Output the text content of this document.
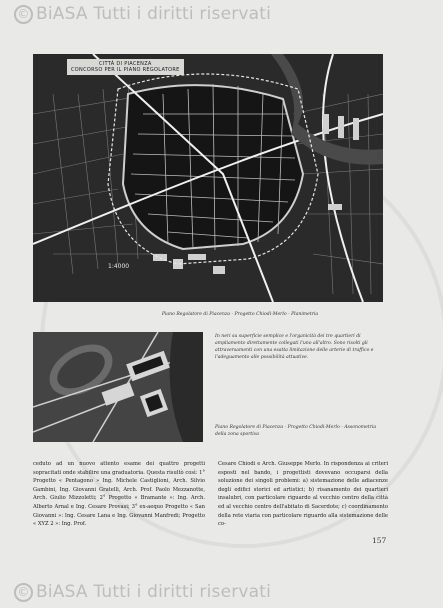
© BiASA Tutti i diritti riservati
CITTÀ DI PIACENZA
CONCORSO PER IL PIANO REGOLATORE
1:4000
Piano Regolatore di Piacenza - Progetto Chiodi-Merlo - Planimetria
In neri su superficie semplice e l'organicità dei tre quartieri di ampliamento direttamente collegati l'uno all'altro. Sono risolti gli attraversamenti con una esatta limitazione delle arterie di traffico e l'adeguamento alle possibilità attuative.
Piano Regolatore di Piacenza - Progetto Chiodi-Merlo - Assonometria della zona sportiva

ceduto ad un nuovo attento esame dei quattro progetti sopracitati onde stabilire una graduatoria. Questa risultò così: 1° Progetto « Pentagono » Ing. Michele Castiglioni, Arch. Silvio Gambini, Ing. Giovanni Gratelli, Arch. Prof. Paolo Mezzanotte, Arch. Giulio Mizzoletti; 2° Progetto « Bramante »: Ing. Arch. Alberto Arnal e Ing. Cesare Provasi; 3° ex-aequo Progetto « San Giovanni »: Ing. Cesare Lana e Ing. Giovanni Manfredi; Progetto « XYZ 2 »: Ing. Prof.

Cesare Chiodi e Arch. Giuseppe Merlo. In rispondenza ai criteri esposti nel bando, i progettisti dovevano occuparsi della soluzione dei singoli problemi: a) sistemazione delle adiacenze degli edifici storici ed artistici; b) risanamento dei quartieri insalubri, con particolare riguardo al vecchio centro della città ed al vecchio centro dell'abitato di Sacerdote; c) coordinamento della rete viaria con particolare riguardo alla sistemazione delle co-

157
© BiASA Tutti i diritti riservati
